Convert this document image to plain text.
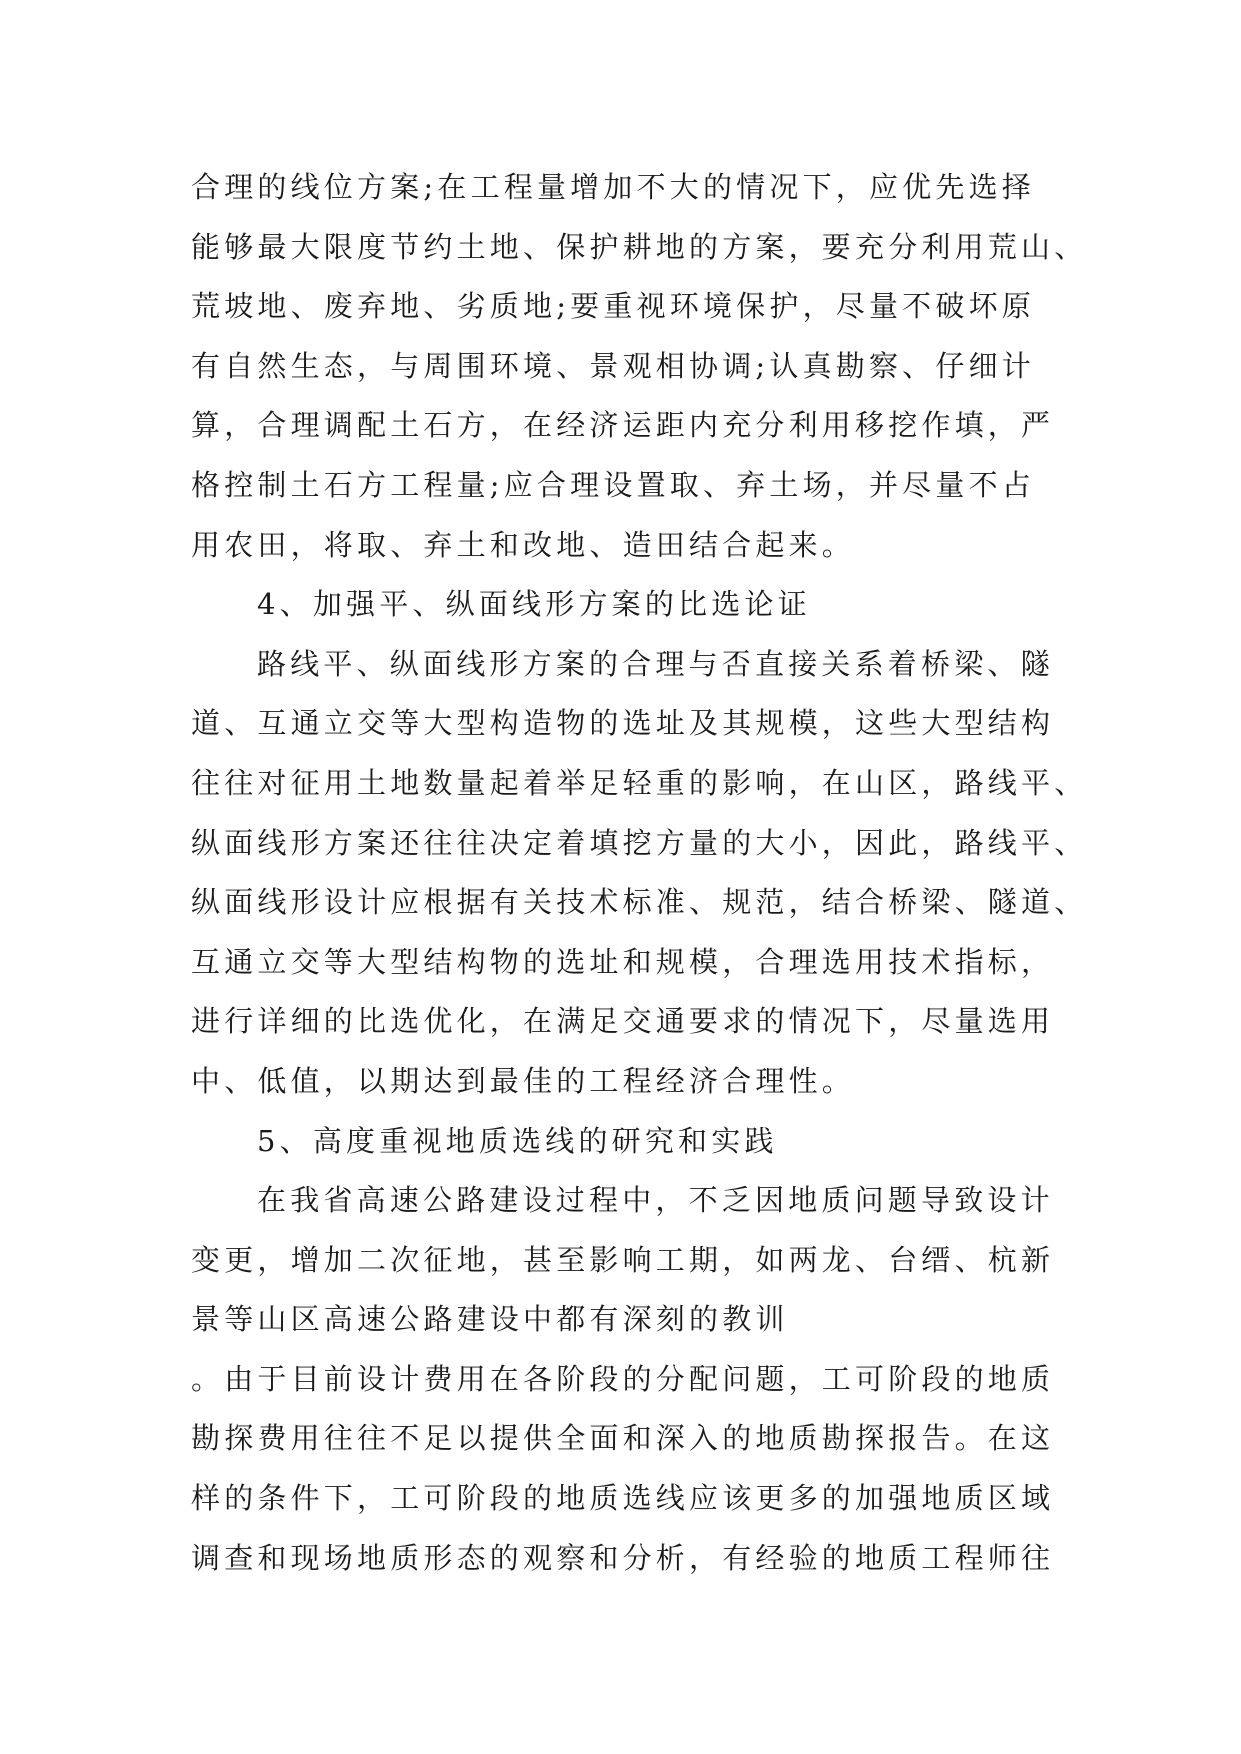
合理的线位方案;在工程量增加不大的情况下，应优先选择
能够最大限度节约土地、保护耕地的方案，要充分利用荒山、
荒坡地、废弃地、劣质地;要重视环境保护，尽量不破坏原
有自然生态，与周围环境、景观相协调;认真勘察、仔细计
算，合理调配土石方，在经济运距内充分利用移挖作填，严
格控制土石方工程量;应合理设置取、弃土场，并尽量不占
用农田，将取、弃土和改地、造田结合起来。
4、加强平、纵面线形方案的比选论证
路线平、纵面线形方案的合理与否直接关系着桥梁、隧
道、互通立交等大型构造物的选址及其规模，这些大型结构
往往对征用土地数量起着举足轻重的影响，在山区，路线平、
纵面线形方案还往往决定着填挖方量的大小，因此，路线平、
纵面线形设计应根据有关技术标准、规范，结合桥梁、隧道、
互通立交等大型结构物的选址和规模，合理选用技术指标，
进行详细的比选优化，在满足交通要求的情况下，尽量选用
中、低值，以期达到最佳的工程经济合理性。
5、高度重视地质选线的研究和实践
在我省高速公路建设过程中，不乏因地质问题导致设计
变更，增加二次征地，甚至影响工期，如两龙、台缙、杭新
景等山区高速公路建设中都有深刻的教训
。由于目前设计费用在各阶段的分配问题，工可阶段的地质
勘探费用往往不足以提供全面和深入的地质勘探报告。在这
样的条件下，工可阶段的地质选线应该更多的加强地质区域
调查和现场地质形态的观察和分析，有经验的地质工程师往
